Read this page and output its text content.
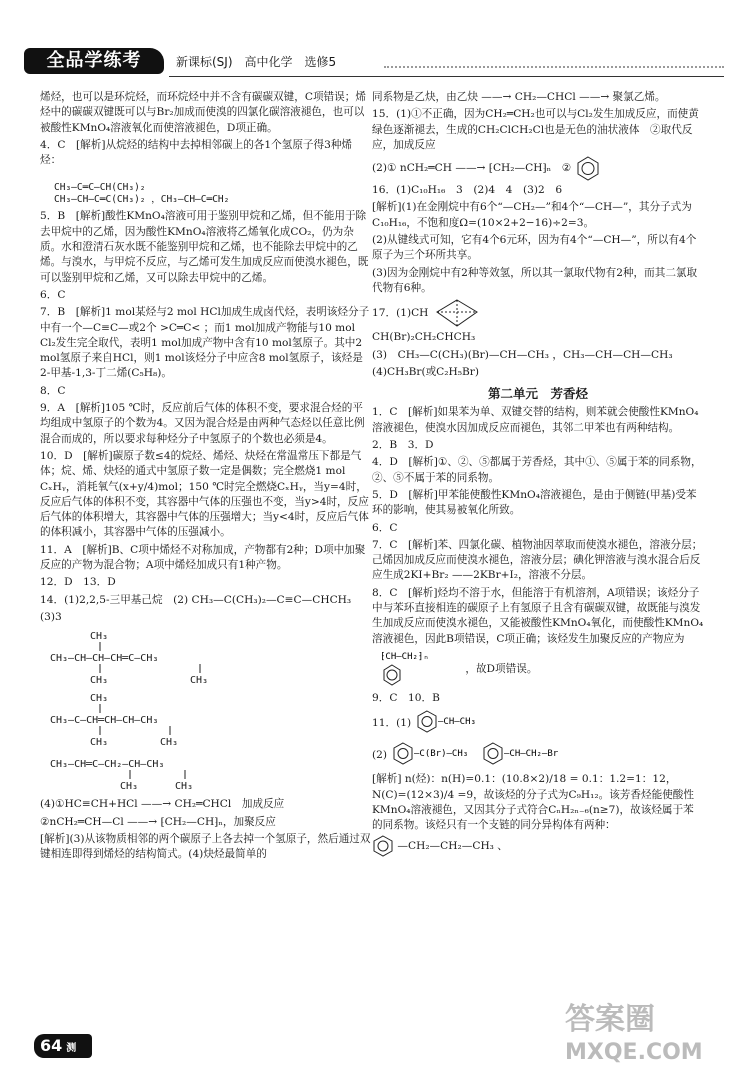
全品学练考	新课标(SJ)　高中化学　选修5

烯烃，也可以是环烷烃，而环烷烃中并不含有碳碳双键，C项错误；烯烃中的碳碳双键既可以与Br₂加成而使溴的四氯化碳溶液褪色，也可以被酸性KMnO₄溶液氧化而使溶液褪色，D项正确。

4．C　[解析]从烷烃的结构中去掉相邻碳上的各1个氢原子得3种烯烃：

CH₃—C═C—CH(CH₃)₂
CH₃—CH—C═C(CH₃)₂ ，CH₃—CH—C═CH₂

5．B　[解析]酸性KMnO₄溶液可用于鉴别甲烷和乙烯，但不能用于除去甲烷中的乙烯，因为酸性KMnO₄溶液将乙烯氧化成CO₂，仍为杂质。水和澄清石灰水既不能鉴别甲烷和乙烯，也不能除去甲烷中的乙烯。与溴水，与甲烷不反应，与乙烯可发生加成反应而使溴水褪色，既可以鉴别甲烷和乙烯，又可以除去甲烷中的乙烯。

6．C

7．B　[解析]1 mol某烃与2 mol HCl加成生成卤代烃，表明该烃分子中有一个—C≡C—或2个 >C═C< ；而1 mol加成产物能与10 mol Cl₂发生完全取代，表明1 mol加成产物中含有10 mol氢原子。其中2 mol氢原子来自HCl，则1 mol该烃分子中应含8 mol氢原子，该烃是2-甲基-1,3-丁二烯(C₅H₈)。

8．C

9．A　[解析]105 ℃时，反应前后气体的体积不变，要求混合烃的平均组成中氢原子的个数为4。又因为混合烃是由两种气态烃以任意比例混合而成的，所以要求每种烃分子中氢原子的个数也必须是4。

10．D　[解析]碳原子数≤4的烷烃、烯烃、炔烃在常温常压下都是气体；烷、烯、炔烃的通式中氢原子数一定是偶数；完全燃烧1 mol CₓHᵧ，消耗氧气(x+y/4)mol；150 ℃时完全燃烧CₓHᵧ，当y=4时，反应后气体的体积不变，其容器中气体的压强也不变，当y>4时，反应后气体的体积增大，其容器中气体的压强增大；当y<4时，反应后气体的体积减小，其容器中气体的压强减小。

11．A　[解析]B、C项中烯烃不对称加成，产物都有2种；D项中加聚反应的产物为混合物；A项中烯烃加成只有1种产物。

12．D　13．D

14．(1)2,2,5-三甲基己烷　(2) CH₃—C(CH₃)₂—C≡C—CHCH₃

(3)3

CH₃
CH₃—CH—CH—CH═C—CH₃
CH₃	CH₃
CH₃
CH₃—C—CH═CH—CH—CH₃
CH₃	CH₃
CH₃—CH═C—CH₂—CH—CH₃
CH₃	CH₃

(4)①HC≡CH+HCl ——→ CH₂═CHCl　加成反应

②nCH₂═CH—Cl ——→ ⁅CH₂—CH⁆ₙ，加聚反应

[解析](3)从该物质相邻的两个碳原子上各去掉一个氢原子，然后通过双键相连即得到烯烃的结构简式。(4)炔烃最简单的

同系物是乙炔，由乙炔 ——→ CH₂—CHCl ——→ 聚氯乙烯。

15．(1)①不正确，因为CH₂═CH₂也可以与Cl₂发生加成反应，而使黄绿色逐渐褪去，生成的CH₂ClCH₂Cl也是无色的油状液体　②取代反应，加成反应

(2)① nCH₂═CH ——→ ⁅CH₂—CH⁆ₙ　②

16．(1)C₁₀H₁₆　3　(2)4　4　(3)2　6

[解析](1)在金刚烷中有6个“—CH₂—”和4个“—CH—”，其分子式为C₁₀H₁₆，不饱和度Ω=(10×2+2−16)÷2=3。

(2)从键线式可知，它有4个6元环，因为有4个“—CH—”，所以有4个原子为三个环所共享。

(3)因为金刚烷中有2种等效氢，所以其一氯取代物有2种，而其二氯取代物有6种。

17．(1)CH

CH(Br)₂CH₂CHCH₃

(3)　CH₃—C(CH₃)(Br)—CH—CH₃ ，CH₃—CH—CH—CH₃

(4)CH₃Br(或C₂H₅Br)

第二单元　芳香烃

1．C　[解析]如果苯为单、双键交替的结构，则苯就会使酸性KMnO₄溶液褪色，使溴水因加成反应而褪色，其邻二甲苯也有两种结构。

2．B　3．D

4．D　[解析]①、②、⑤都属于芳香烃，其中①、⑤属于苯的同系物，②、⑤不属于苯的同系物。

5．D　[解析]甲苯能使酸性KMnO₄溶液褪色，是由于侧链(甲基)受苯环的影响，使其易被氧化所致。

6．C

7．C　[解析]苯、四氯化碳、植物油因萃取而使溴水褪色，溶液分层；己烯因加成反应而使溴水褪色，溶液分层；碘化钾溶液与溴水混合后反应生成2KI+Br₂ ——2KBr+I₂，溶液不分层。

8．C　[解析]烃均不溶于水，但能溶于有机溶剂，A项错误；该烃分子中与苯环直接相连的碳原子上有氢原子且含有碳碳双键，故既能与溴发生加成反应而使溴水褪色，又能被酸性KMnO₄氧化，而使酸性KMnO₄溶液褪色，因此B项错误，C项正确；该烃发生加聚反应的产物应为

⁅CH—CH₂⁆ₙ
，故D项错误。

9．C　10．B

11．(1)	—CH—CH₃

(2)	—C(Br)—CH₃	—CH—CH₂—Br

[解析] n(烃)：n(H)=0.1：(10.8×2)/18 = 0.1：1.2=1：12，N(C)=(12×3)/4 =9，故该烃的分子式为C₉H₁₂。该芳香烃能使酸性KMnO₄溶液褪色，又因其分子式符合CₙH₂ₙ₋₆(n≥7)，故该烃属于苯的同系物。该烃只有一个支链的同分异构体有两种：

—CH₂—CH₂—CH₃ 、

64 测
答案圈
MXQE.COM
